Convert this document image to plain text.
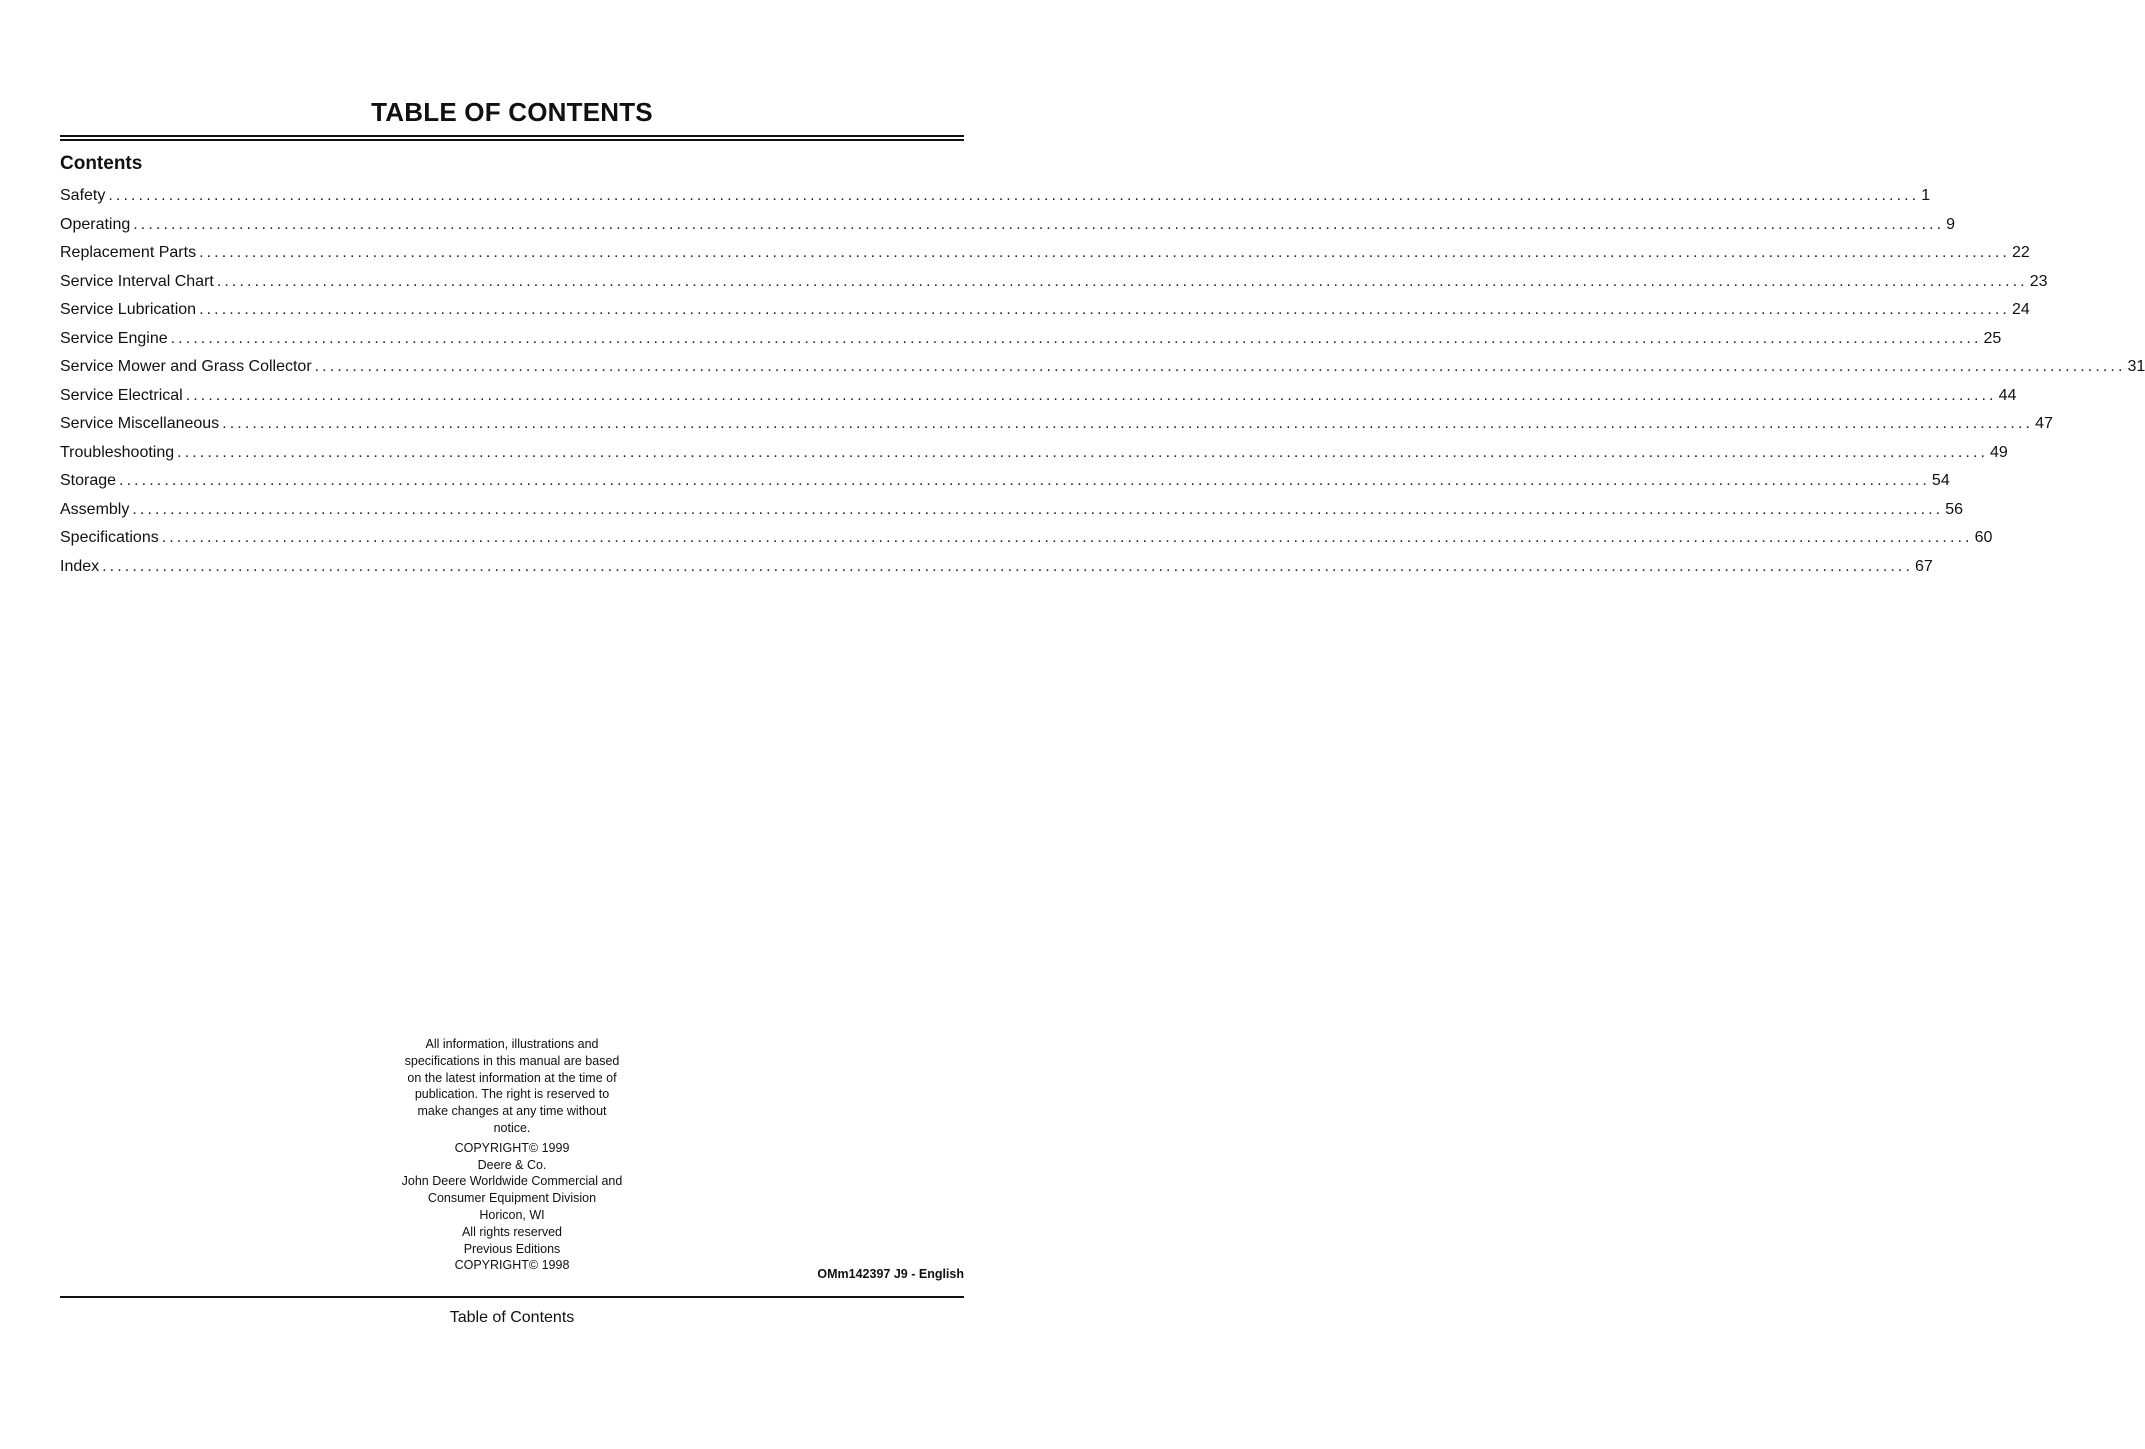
TABLE OF CONTENTS
Contents
Safety ................................................................................................................................................................................................................................................ 1
Operating ................................................................................................................................................................................................................................................ 9
Replacement Parts ................................................................................................................................................................................................................................................ 22
Service Interval Chart ................................................................................................................................................................................................................................................ 23
Service Lubrication ................................................................................................................................................................................................................................................ 24
Service Engine ................................................................................................................................................................................................................................................ 25
Service Mower and Grass Collector ................................................................................................................................................................................................................................................ 31
Service Electrical ................................................................................................................................................................................................................................................ 44
Service Miscellaneous ................................................................................................................................................................................................................................................ 47
Troubleshooting ................................................................................................................................................................................................................................................ 49
Storage ................................................................................................................................................................................................................................................ 54
Assembly ................................................................................................................................................................................................................................................ 56
Specifications ................................................................................................................................................................................................................................................ 60
Index ................................................................................................................................................................................................................................................ 67
All information, illustrations and
specifications in this manual are based
on the latest information at the time of
publication. The right is reserved to
make changes at any time without
notice.
COPYRIGHT© 1999
Deere & Co.
John Deere Worldwide Commercial and
Consumer Equipment Division
Horicon, WI
All rights reserved
Previous Editions
COPYRIGHT© 1998
OMm142397 J9 - English
Table of Contents
